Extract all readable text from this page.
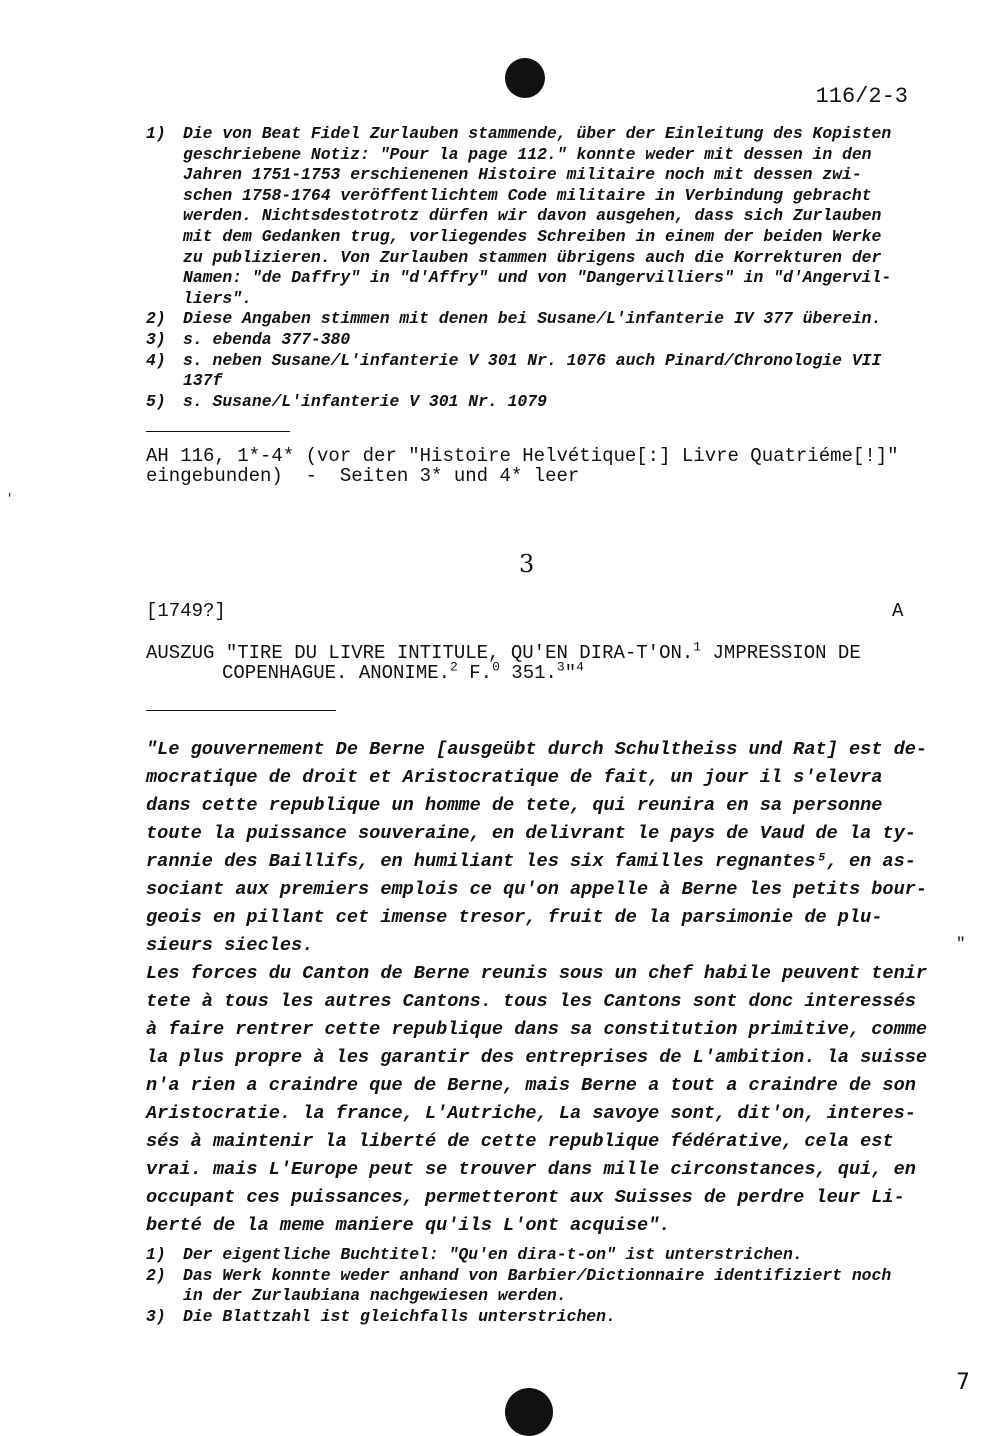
116/2-3
1)	Die von Beat Fidel Zurlauben stammende, über der Einleitung des Kopisten
geschriebene Notiz: "Pour la page 112." konnte weder mit dessen in den
Jahren 1751-1753 erschienenen Histoire militaire noch mit dessen zwi-
schen 1758-1764 veröffentlichtem Code militaire in Verbindung gebracht
werden. Nichtsdestotrotz dürfen wir davon ausgehen, dass sich Zurlauben
mit dem Gedanken trug, vorliegendes Schreiben in einem der beiden Werke
zu publizieren. Von Zurlauben stammen übrigens auch die Korrekturen der
Namen: "de Daffry" in "d'Affry" und von "Dangervilliers" in "d'Angervil-
liers".
2)	Diese Angaben stimmen mit denen bei Susane/L'infanterie IV 377 überein.
3)	s. ebenda 377-380
4)	s. neben Susane/L'infanterie V 301 Nr. 1076 auch Pinard/Chronologie VII
137f
5)	s. Susane/L'infanterie V 301 Nr. 1079
AH 116, 1*-4* (vor der "Histoire Helvétique[:] Livre Quatriéme[!]"
eingebunden)  -  Seiten 3* und 4* leer
3
[1749?]	A
AUSZUG "TIRE DU LIVRE INTITULE, QU'EN DIRA-T'ON.$^1$ JMPRESSION DE
COPENHAGUE. ANONIME.$^2$ F.$^0$ 351.$^3$"$^4$

"Le gouvernement De Berne [ausgeübt durch Schultheiss und Rat] est de-

mocratique de droit et Aristocratique de fait, un jour il s'elevra

dans cette republique un homme de tete, qui reunira en sa personne

toute la puissance souveraine, en delivrant le pays de Vaud de la ty-

rannie des Baillifs, en humiliant les six familles regnantes⁵, en as-

sociant aux premiers emplois ce qu'on appelle à Berne les petits bour-

geois en pillant cet imense tresor, fruit de la parsimonie de plu-

sieurs siecles.

Les forces du Canton de Berne reunis sous un chef habile peuvent tenir

tete à tous les autres Cantons. tous les Cantons sont donc interessés

à faire rentrer cette republique dans sa constitution primitive, comme

la plus propre à les garantir des entreprises de L'ambition. la suisse

n'a rien a craindre que de Berne, mais Berne a tout a craindre de son

Aristocratie. la france, L'Autriche, La savoye sont, dit'on, interes-

sés à maintenir la liberté de cette republique fédérative, cela est

vrai. mais L'Europe peut se trouver dans mille circonstances, qui, en

occupant ces puissances, permetteront aux Suisses de perdre leur Li-

berté de la meme maniere qu'ils L'ont acquise".

1)	Der eigentliche Buchtitel: "Qu'en dira-t-on" ist unterstrichen.
2)	Das Werk konnte weder anhand von Barbier/Dictionnaire identifiziert noch
in der Zurlaubiana nachgewiesen werden.
3)	Die Blattzahl ist gleichfalls unterstrichen.
"
'
7
